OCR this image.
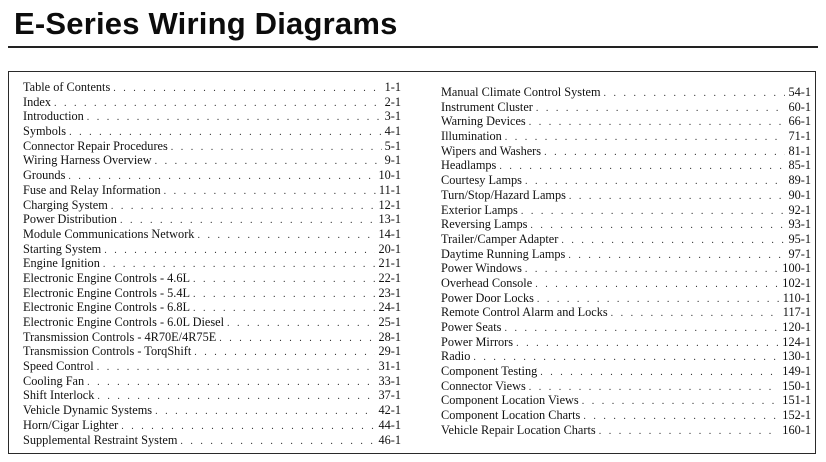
E-Series Wiring Diagrams
Table of Contents . . .	1-1
Index . . .	2-1
Introduction . . .	3-1
Symbols . . .	4-1
Connector Repair Procedures . . .	5-1
Wiring Harness Overview . . .	9-1
Grounds . . .	10-1
Fuse and Relay Information . . .	11-1
Charging System . . .	12-1
Power Distribution . . .	13-1
Module Communications Network . . .	14-1
Starting System . . .	20-1
Engine Ignition . . .	21-1
Electronic Engine Controls - 4.6L . . .	22-1
Electronic Engine Controls - 5.4L . . .	23-1
Electronic Engine Controls - 6.8L . . .	24-1
Electronic Engine Controls - 6.0L Diesel . . .	25-1
Transmission Controls - 4R70E/4R75E . . .	28-1
Transmission Controls - TorqShift . . .	29-1
Speed Control . . .	31-1
Cooling Fan . . .	33-1
Shift Interlock . . .	37-1
Vehicle Dynamic Systems . . .	42-1
Horn/Cigar Lighter . . .	44-1
Supplemental Restraint System . . .	46-1
Manual Climate Control System . . .	54-1
Instrument Cluster . . .	60-1
Warning Devices . . .	66-1
Illumination . . .	71-1
Wipers and Washers . . .	81-1
Headlamps . . .	85-1
Courtesy Lamps . . .	89-1
Turn/Stop/Hazard Lamps . . .	90-1
Exterior Lamps . . .	92-1
Reversing Lamps . . .	93-1
Trailer/Camper Adapter . . .	95-1
Daytime Running Lamps . . .	97-1
Power Windows . . .	100-1
Overhead Console . . .	102-1
Power Door Locks . . .	110-1
Remote Control Alarm and Locks . . .	117-1
Power Seats . . .	120-1
Power Mirrors . . .	124-1
Radio . . .	130-1
Component Testing . . .	149-1
Connector Views . . .	150-1
Component Location Views . . .	151-1
Component Location Charts . . .	152-1
Vehicle Repair Location Charts . . .	160-1
